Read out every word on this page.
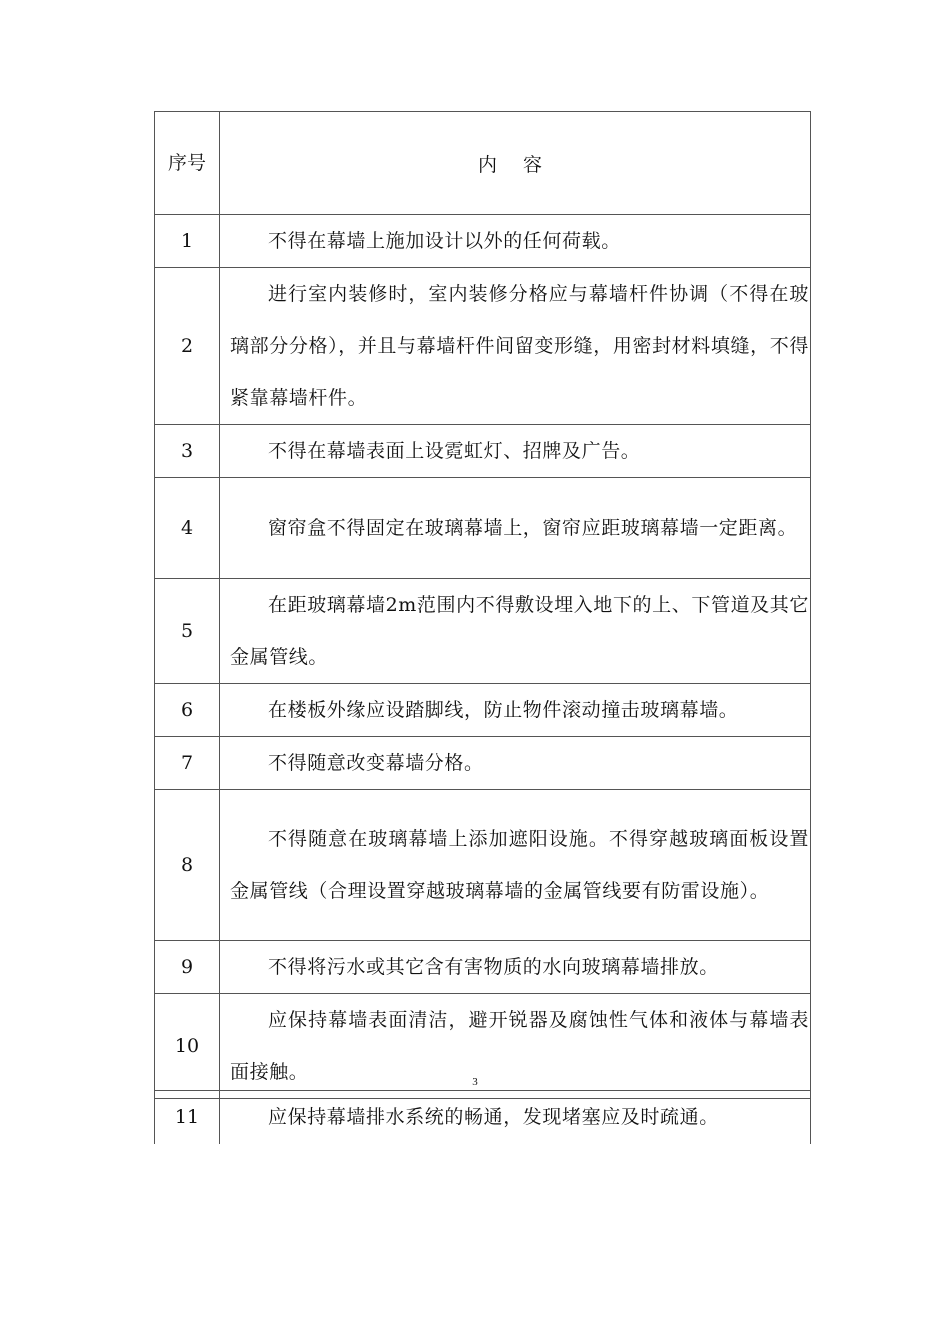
序号	内 容
1	不得在幕墙上施加设计以外的任何荷载。

2	进行室内装修时，室内装修分格应与幕墙杆件协调（不得在玻璃部分分格），并且与幕墙杆件间留变形缝，用密封材料填缝，不得紧靠幕墙杆件。

3	不得在幕墙表面上设霓虹灯、招牌及广告。

4	窗帘盒不得固定在玻璃幕墙上，窗帘应距玻璃幕墙一定距离。

5	在距玻璃幕墙2m范围内不得敷设埋入地下的上、下管道及其它金属管线。

6	在楼板外缘应设踏脚线，防止物件滚动撞击玻璃幕墙。

7	不得随意改变幕墙分格。

8	不得随意在玻璃幕墙上添加遮阳设施。不得穿越玻璃面板设置金属管线（合理设置穿越玻璃幕墙的金属管线要有防雷设施）。

9	不得将污水或其它含有害物质的水向玻璃幕墙排放。

10	应保持幕墙表面清洁，避开锐器及腐蚀性气体和液体与幕墙表面接触。	3
11	应保持幕墙排水系统的畅通，发现堵塞应及时疏通。
